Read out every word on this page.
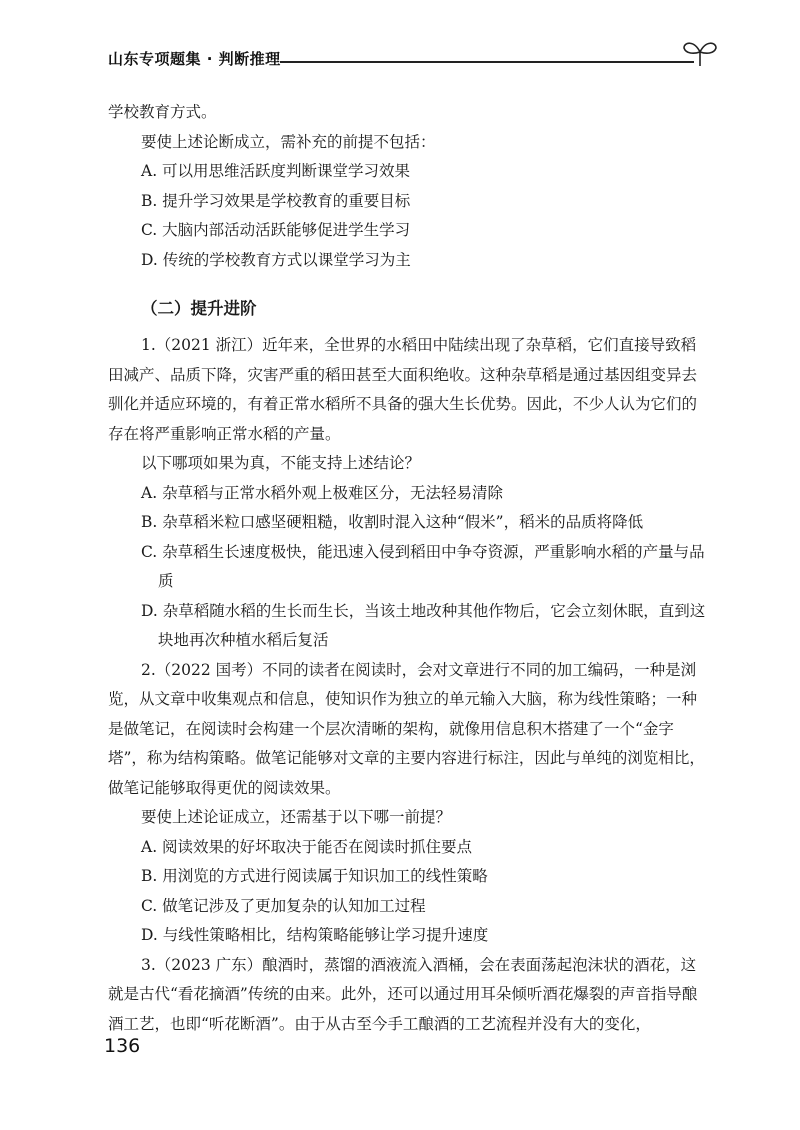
山东专项题集 · 判断推理

学校教育方式。

要使上述论断成立，需补充的前提不包括：

A. 可以用思维活跃度判断课堂学习效果

B. 提升学习效果是学校教育的重要目标

C. 大脑内部活动活跃能够促进学生学习

D. 传统的学校教育方式以课堂学习为主

（二）提升进阶

1.（2021 浙江）近年来，全世界的水稻田中陆续出现了杂草稻，它们直接导致稻田减产、品质下降，灾害严重的稻田甚至大面积绝收。这种杂草稻是通过基因组变异去驯化并适应环境的，有着正常水稻所不具备的强大生长优势。因此，不少人认为它们的存在将严重影响正常水稻的产量。

以下哪项如果为真，不能支持上述结论？

A. 杂草稻与正常水稻外观上极难区分，无法轻易清除

B. 杂草稻米粒口感坚硬粗糙，收割时混入这种“假米”，稻米的品质将降低

C. 杂草稻生长速度极快，能迅速入侵到稻田中争夺资源，严重影响水稻的产量与品质

D. 杂草稻随水稻的生长而生长，当该土地改种其他作物后，它会立刻休眠，直到这块地再次种植水稻后复活

2.（2022 国考）不同的读者在阅读时，会对文章进行不同的加工编码，一种是浏览，从文章中收集观点和信息，使知识作为独立的单元输入大脑，称为线性策略；一种是做笔记，在阅读时会构建一个层次清晰的架构，就像用信息积木搭建了一个“金字塔”，称为结构策略。做笔记能够对文章的主要内容进行标注，因此与单纯的浏览相比，做笔记能够取得更优的阅读效果。

要使上述论证成立，还需基于以下哪一前提？

A. 阅读效果的好坏取决于能否在阅读时抓住要点

B. 用浏览的方式进行阅读属于知识加工的线性策略

C. 做笔记涉及了更加复杂的认知加工过程

D. 与线性策略相比，结构策略能够让学习提升速度

3.（2023 广东）酿酒时，蒸馏的酒液流入酒桶，会在表面荡起泡沫状的酒花，这就是古代“看花摘酒”传统的由来。此外，还可以通过用耳朵倾听酒花爆裂的声音指导酿酒工艺，也即“听花断酒”。由于从古至今手工酿酒的工艺流程并没有大的变化，

136
